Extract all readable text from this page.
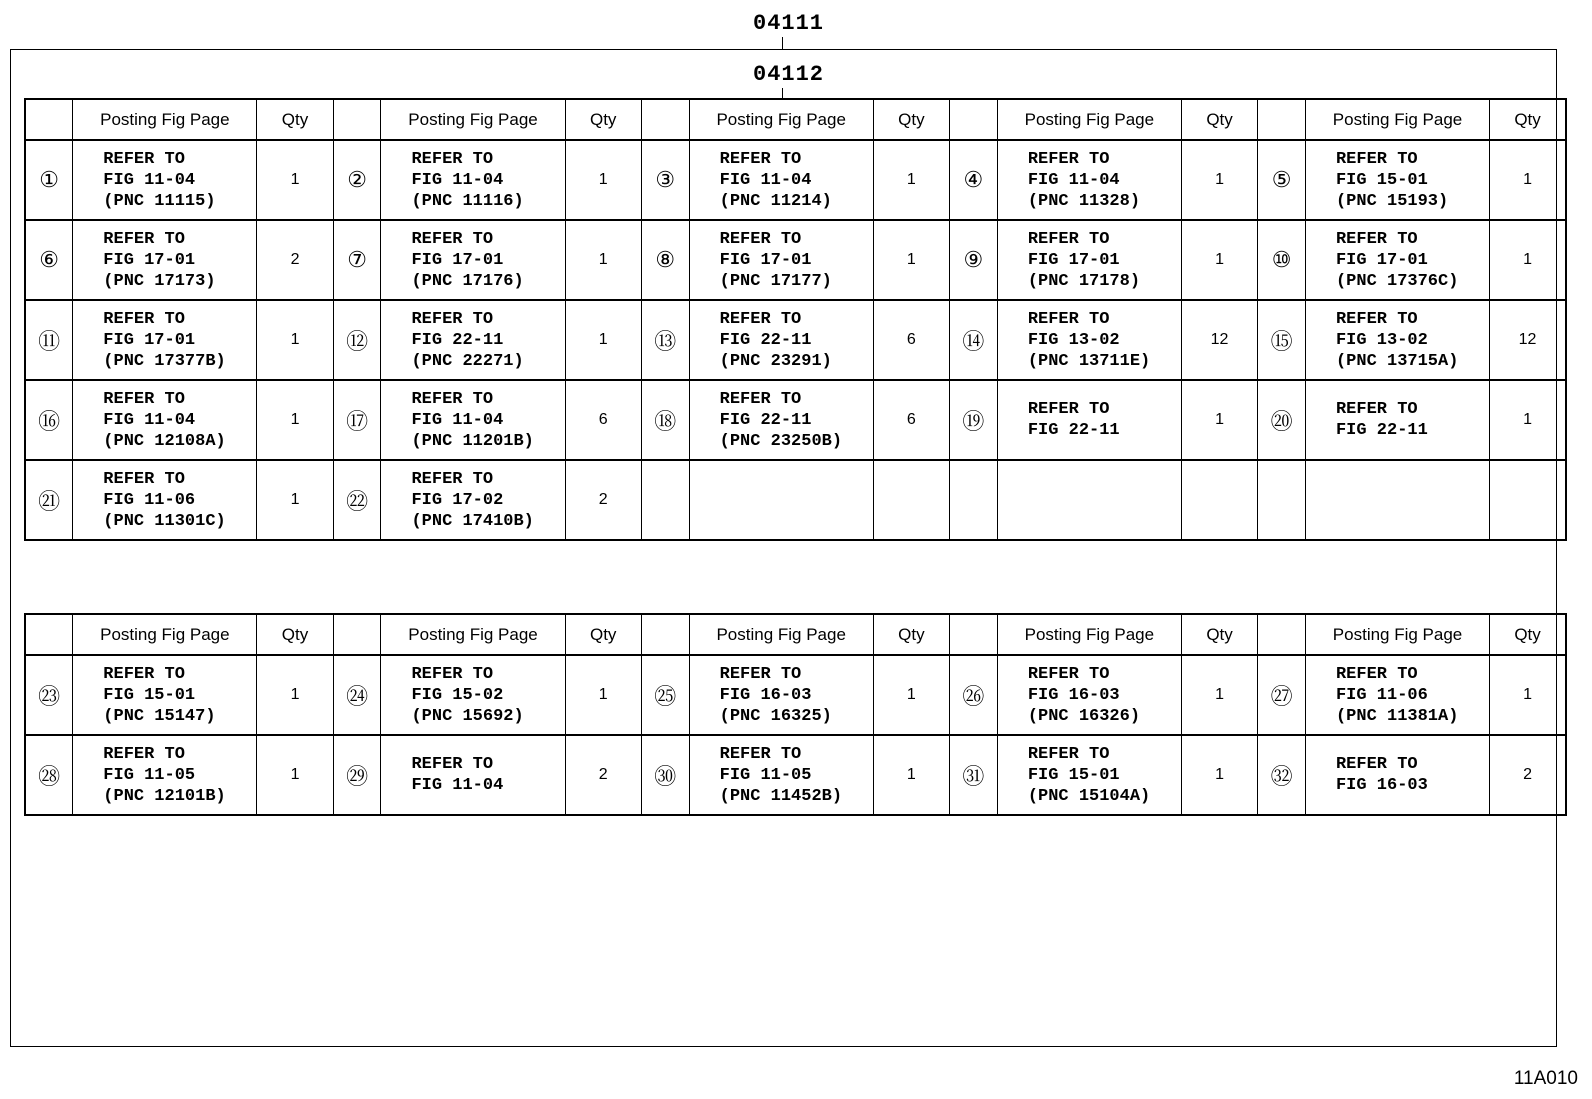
04111
04112
	Posting Fig Page	Qty		Posting Fig Page	Qty		Posting Fig Page	Qty		Posting Fig Page	Qty		Posting Fig Page	Qty
①	REFER TO
FIG 11-04
(PNC 11115)	1	②	REFER TO
FIG 11-04
(PNC 11116)	1	③	REFER TO
FIG 11-04
(PNC 11214)	1	④	REFER TO
FIG 11-04
(PNC 11328)	1	⑤	REFER TO
FIG 15-01
(PNC 15193)	1
⑥	REFER TO
FIG 17-01
(PNC 17173)	2	⑦	REFER TO
FIG 17-01
(PNC 17176)	1	⑧	REFER TO
FIG 17-01
(PNC 17177)	1	⑨	REFER TO
FIG 17-01
(PNC 17178)	1	⑩	REFER TO
FIG 17-01
(PNC 17376C)	1
⑪	REFER TO
FIG 17-01
(PNC 17377B)	1	⑫	REFER TO
FIG 22-11
(PNC 22271)	1	⑬	REFER TO
FIG 22-11
(PNC 23291)	6	⑭	REFER TO
FIG 13-02
(PNC 13711E)	12	⑮	REFER TO
FIG 13-02
(PNC 13715A)	12
⑯	REFER TO
FIG 11-04
(PNC 12108A)	1	⑰	REFER TO
FIG 11-04
(PNC 11201B)	6	⑱	REFER TO
FIG 22-11
(PNC 23250B)	6	⑲	REFER TO
FIG 22-11	1	⑳	REFER TO
FIG 22-11	1
㉑	REFER TO
FIG 11-06
(PNC 11301C)	1	㉒	REFER TO
FIG 17-02
(PNC 17410B)	2									
	Posting Fig Page	Qty		Posting Fig Page	Qty		Posting Fig Page	Qty		Posting Fig Page	Qty		Posting Fig Page	Qty
㉓	REFER TO
FIG 15-01
(PNC 15147)	1	㉔	REFER TO
FIG 15-02
(PNC 15692)	1	㉕	REFER TO
FIG 16-03
(PNC 16325)	1	㉖	REFER TO
FIG 16-03
(PNC 16326)	1	㉗	REFER TO
FIG 11-06
(PNC 11381A)	1
㉘	REFER TO
FIG 11-05
(PNC 12101B)	1	㉙	REFER TO
FIG 11-04	2	㉚	REFER TO
FIG 11-05
(PNC 11452B)	1	㉛	REFER TO
FIG 15-01
(PNC 15104A)	1	㉜	REFER TO
FIG 16-03	2
11A010
